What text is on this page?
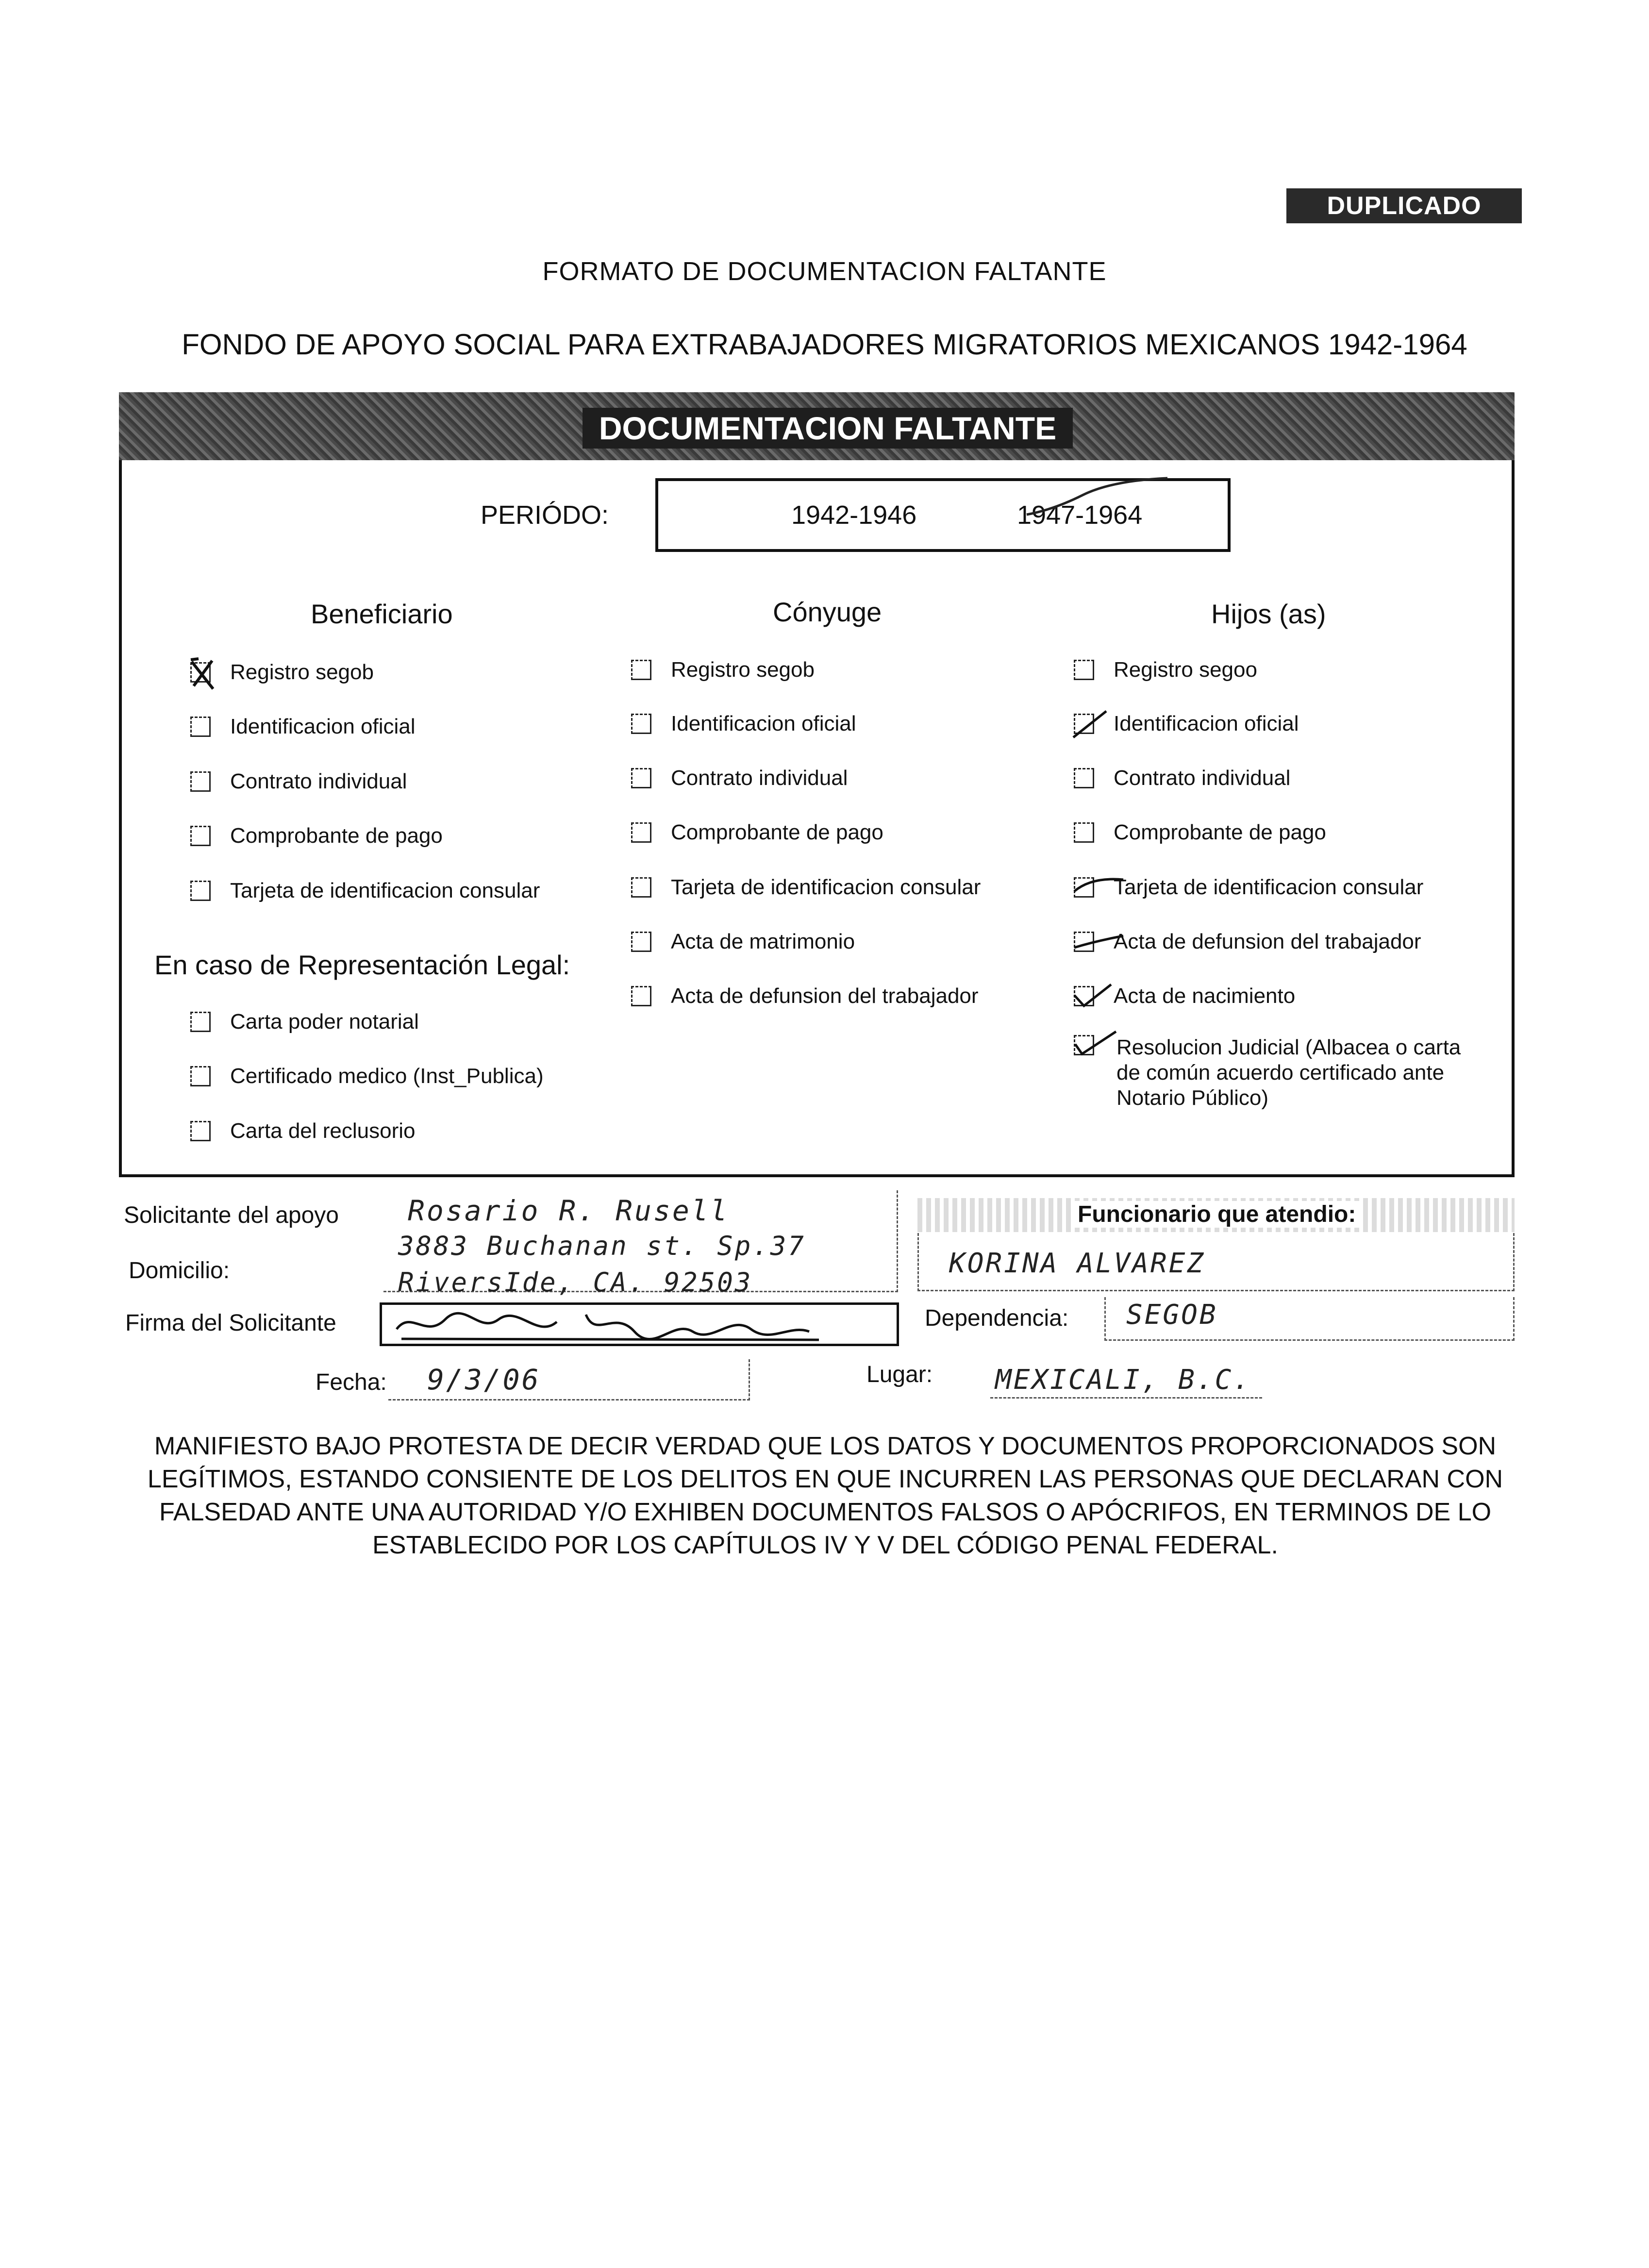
DUPLICADO
FORMATO DE DOCUMENTACION FALTANTE
FONDO DE APOYO SOCIAL PARA EXTRABAJADORES MIGRATORIOS MEXICANOS 1942-1964
DOCUMENTACION FALTANTE
PERIÓDO:	1942-1946	1947-1964
Beneficiario	Cónyuge	Hijos (as)
Registro segob
Identificacion oficial
Contrato individual
Comprobante de pago
Tarjeta de identificacion consular
En caso de Representación Legal:
Carta poder notarial
Certificado medico (Inst_Publica)
Carta del reclusorio
Registro segob
Identificacion oficial
Contrato individual
Comprobante de pago
Tarjeta de identificacion consular
Acta de matrimonio
Acta de defunsion del trabajador
Registro segoo
Identificacion oficial
Contrato individual
Comprobante de pago
Tarjeta de identificacion consular
Acta de defunsion del trabajador
Acta de nacimiento
Resolucion Judicial (Albacea o carta de común acuerdo certificado ante Notario Público)
Solicitante del apoyo Rosario R. Rusell
Domicilio:
3883 Buchanan st. Sp.37
RiversIde, CA. 92503
Firma del Solicitante
Fecha: 9/3/06
Funcionario que atendio:
KORINA ALVAREZ
Dependencia: SEGOB
Lugar: MEXICALI, B.C.
MANIFIESTO BAJO PROTESTA DE DECIR VERDAD QUE LOS DATOS Y DOCUMENTOS PROPORCIONADOS SON LEGÍTIMOS, ESTANDO CONSIENTE DE LOS DELITOS EN QUE INCURREN LAS PERSONAS QUE DECLARAN CON FALSEDAD ANTE UNA AUTORIDAD Y/O EXHIBEN DOCUMENTOS FALSOS O APÓCRIFOS, EN TERMINOS DE LO ESTABLECIDO POR LOS CAPÍTULOS IV Y V DEL CÓDIGO PENAL FEDERAL.
